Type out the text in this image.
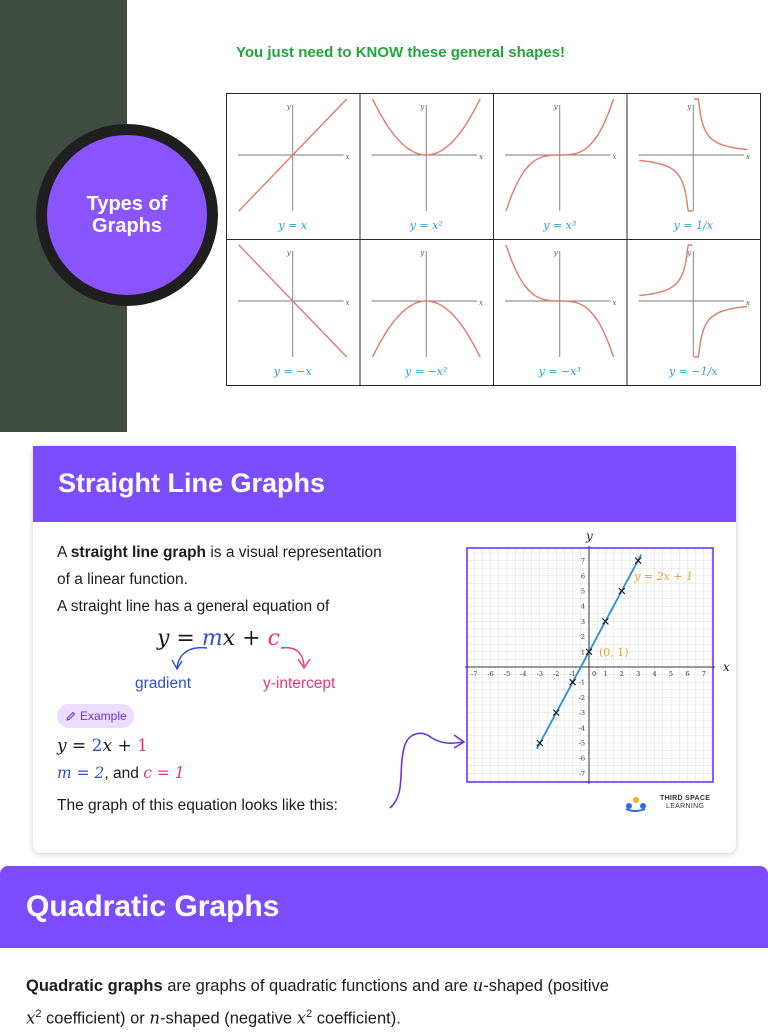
You just need to KNOW these general shapes!
Types of
Graphs
x
y
y = x
x
y
y = x²
x
y
y = x³
x
y
y = 1/x
x
y
y = −x
x
y
y = −x²
x
y
y = −x³
x
y
y = −1/x
Straight Line Graphs
A straight line graph is a visual representation
of a linear function.
A straight line has a general equation of
y = mx + c
gradient	y-intercept
Example
y = 2x + 1
m = 2, and c = 1
The graph of this equation looks like this:
x
y
-7 -6 -5 -4 -3 -2 -1	1 2 3 4 5 6 7
7
6
5
4
3
2
1
-1
-2
-3
-4
-5
-6
-7
0
(0, 1)
y = 2x + 1
THIRD SPACE
LEARNING
Quadratic Graphs
Quadratic graphs are graphs of quadratic functions and are u-shaped (positive
$x^2$ coefficient) or n-shaped (negative $x^2$ coefficient).
